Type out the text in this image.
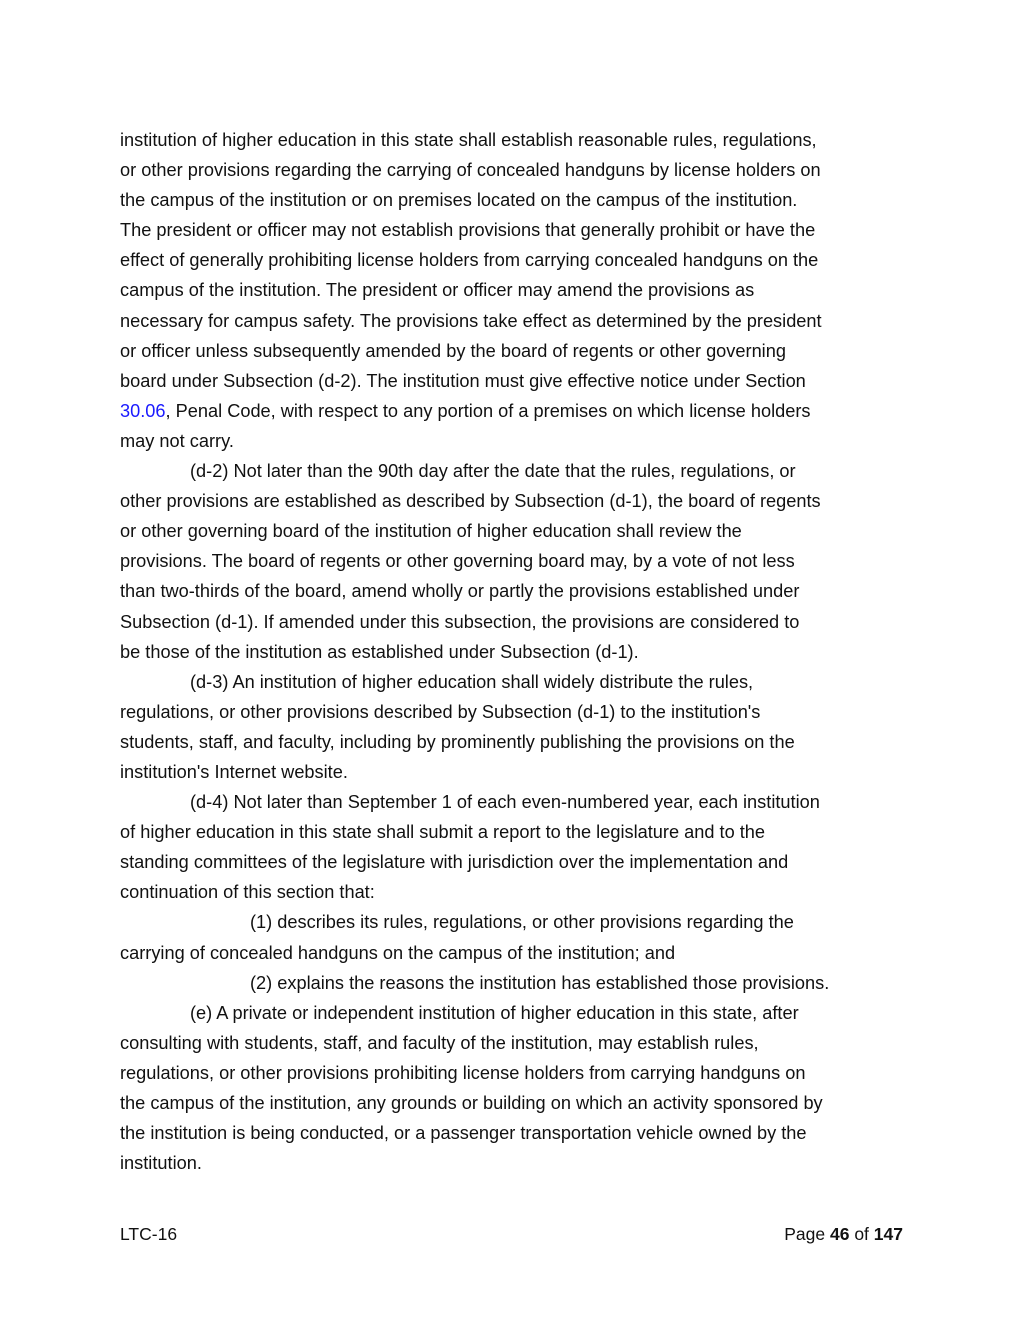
institution of higher education in this state shall establish reasonable rules, regulations,
or other provisions regarding the carrying of concealed handguns by license holders on
the campus of the institution or on premises located on the campus of the institution.
The president or officer may not establish provisions that generally prohibit or have the
effect of generally prohibiting license holders from carrying concealed handguns on the
campus of the institution. The president or officer may amend the provisions as
necessary for campus safety. The provisions take effect as determined by the president
or officer unless subsequently amended by the board of regents or other governing
board under Subsection (d-2). The institution must give effective notice under Section
30.06, Penal Code, with respect to any portion of a premises on which license holders
may not carry.
(d-2) Not later than the 90th day after the date that the rules, regulations, or
other provisions are established as described by Subsection (d-1), the board of regents
or other governing board of the institution of higher education shall review the
provisions. The board of regents or other governing board may, by a vote of not less
than two-thirds of the board, amend wholly or partly the provisions established under
Subsection (d-1). If amended under this subsection, the provisions are considered to
be those of the institution as established under Subsection (d-1).
(d-3) An institution of higher education shall widely distribute the rules,
regulations, or other provisions described by Subsection (d-1) to the institution's
students, staff, and faculty, including by prominently publishing the provisions on the
institution's Internet website.
(d-4) Not later than September 1 of each even-numbered year, each institution
of higher education in this state shall submit a report to the legislature and to the
standing committees of the legislature with jurisdiction over the implementation and
continuation of this section that:
(1) describes its rules, regulations, or other provisions regarding the
carrying of concealed handguns on the campus of the institution; and
(2) explains the reasons the institution has established those provisions.
(e) A private or independent institution of higher education in this state, after
consulting with students, staff, and faculty of the institution, may establish rules,
regulations, or other provisions prohibiting license holders from carrying handguns on
the campus of the institution, any grounds or building on which an activity sponsored by
the institution is being conducted, or a passenger transportation vehicle owned by the
institution.
LTC-16	Page 46 of 147
